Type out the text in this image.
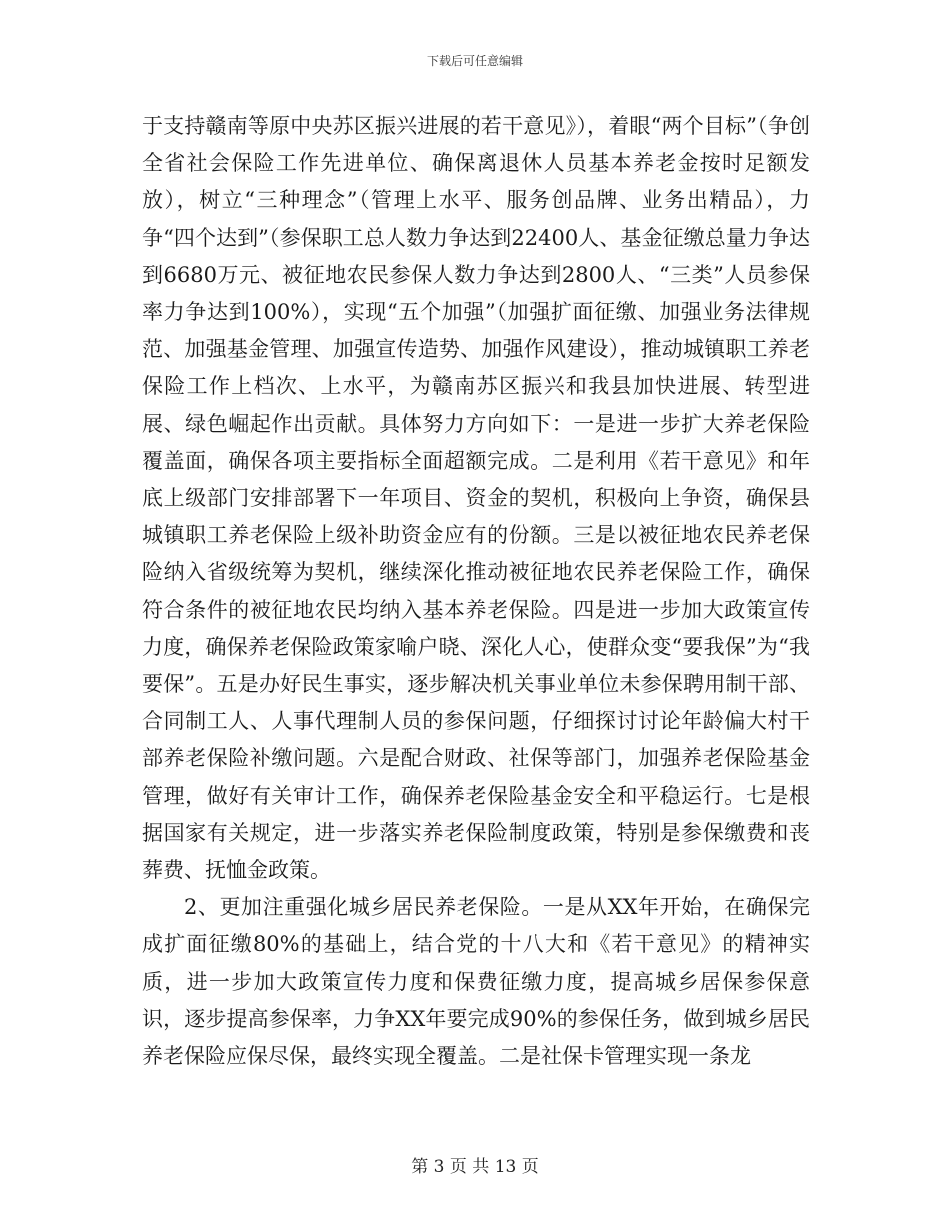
下载后可任意编辑

于支持赣南等原中央苏区振兴进展的若干意见》），着眼“两个目标”（争创全省社会保险工作先进单位、确保离退休人员基本养老金按时足额发放），树立“三种理念”（管理上水平、服务创品牌、业务出精品），力争“四个达到”（参保职工总人数力争达到22400人、基金征缴总量力争达到6680万元、被征地农民参保人数力争达到2800人、“三类”人员参保率力争达到100%），实现“五个加强”（加强扩面征缴、加强业务法律规范、加强基金管理、加强宣传造势、加强作风建设），推动城镇职工养老保险工作上档次、上水平，为赣南苏区振兴和我县加快进展、转型进展、绿色崛起作出贡献。具体努力方向如下：一是进一步扩大养老保险覆盖面，确保各项主要指标全面超额完成。二是利用《若干意见》和年底上级部门安排部署下一年项目、资金的契机，积极向上争资，确保县城镇职工养老保险上级补助资金应有的份额。三是以被征地农民养老保险纳入省级统筹为契机，继续深化推动被征地农民养老保险工作，确保符合条件的被征地农民均纳入基本养老保险。四是进一步加大政策宣传力度，确保养老保险政策家喻户晓、深化人心，使群众变“要我保”为“我要保”。五是办好民生事实，逐步解决机关事业单位未参保聘用制干部、合同制工人、人事代理制人员的参保问题，仔细探讨讨论年龄偏大村干部养老保险补缴问题。六是配合财政、社保等部门，加强养老保险基金管理，做好有关审计工作，确保养老保险基金安全和平稳运行。七是根据国家有关规定，进一步落实养老保险制度政策，特别是参保缴费和丧葬费、抚恤金政策。

2、更加注重强化城乡居民养老保险。一是从XX年开始，在确保完成扩面征缴80%的基础上，结合党的十八大和《若干意见》的精神实质，进一步加大政策宣传力度和保费征缴力度，提高城乡居保参保意识，逐步提高参保率，力争XX年要完成90%的参保任务，做到城乡居民养老保险应保尽保，最终实现全覆盖。二是社保卡管理实现一条龙

第 3 页 共 13 页
